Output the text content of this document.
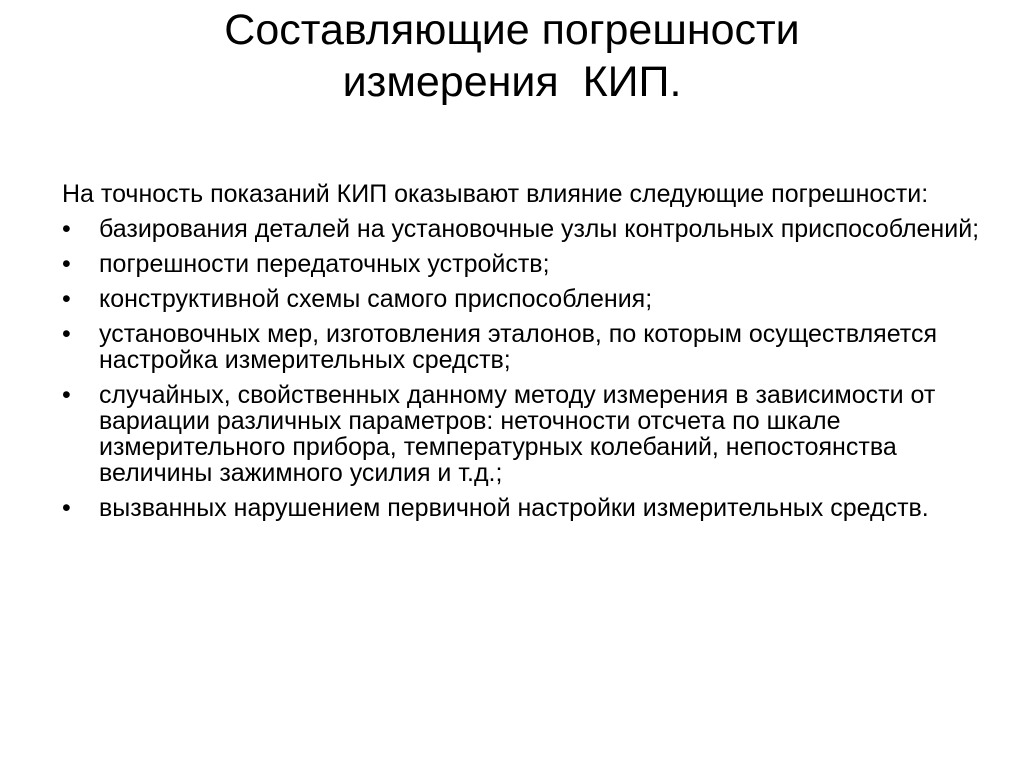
Составляющие погрешности
измерения  КИП.
На точность показаний КИП оказывают влияние следующие погрешности:
•	базирования деталей на установочные узлы контрольных приспособлений;
•	погрешности передаточных устройств;
•	конструктивной схемы самого приспособления;
•	установочных мер, изготовления эталонов, по которым осуществляется настройка измерительных средств;
•	случайных, свойственных данному методу измерения в зависимости от вариации различных параметров: неточности отсчета по шкале измерительного прибора, температурных колебаний, непостоянства величины зажимного усилия и т.д.;
•	вызванных нарушением первичной настройки измерительных средств.
